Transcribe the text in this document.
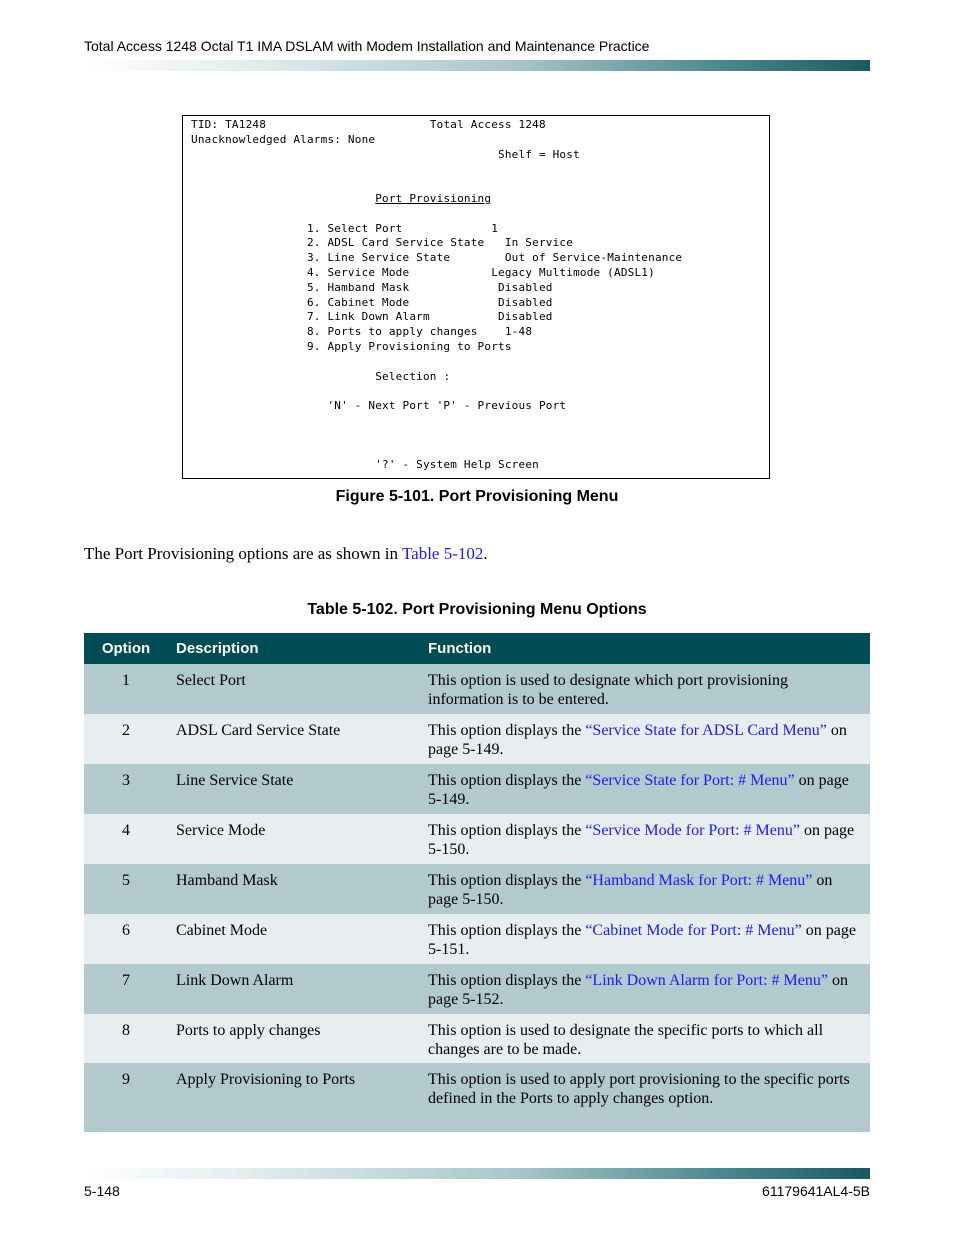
Total Access 1248 Octal T1 IMA DSLAM with Modem Installation and Maintenance Practice
TID: TA1248	Total Access 1248
Unacknowledged Alarms: None
Shelf = Host

Port Provisioning

1. Select Port	1
2. ADSL Card Service State In Service
3. Line Service State	Out of Service-Maintenance
4. Service Mode	Legacy Multimode (ADSL1)
5. Hamband Mask	Disabled
6. Cabinet Mode	Disabled
7. Link Down Alarm	Disabled
8. Ports to apply changes 1-48
9. Apply Provisioning to Ports

Selection :

'N' - Next Port 'P' - Previous Port

'?' - System Help Screen
Figure 5-101. Port Provisioning Menu
The Port Provisioning options are as shown in Table 5-102.
Table 5-102. Port Provisioning Menu Options
Option	Description	Function
1	Select Port	This option is used to designate which port provisioning information is to be entered.
2	ADSL Card Service State	This option displays the “Service State for ADSL Card Menu” on page 5-149.
3	Line Service State	This option displays the “Service State for Port: # Menu” on page 5-149.
4	Service Mode	This option displays the “Service Mode for Port: # Menu” on page 5-150.
5	Hamband Mask	This option displays the “Hamband Mask for Port: # Menu” on page 5-150.
6	Cabinet Mode	This option displays the “Cabinet Mode for Port: # Menu” on page 5-151.
7	Link Down Alarm	This option displays the “Link Down Alarm for Port: # Menu” on page 5-152.
8	Ports to apply changes	This option is used to designate the specific ports to which all changes are to be made.
9	Apply Provisioning to Ports	This option is used to apply port provisioning to the specific ports defined in the Ports to apply changes option.
5-148	61179641AL4-5B
